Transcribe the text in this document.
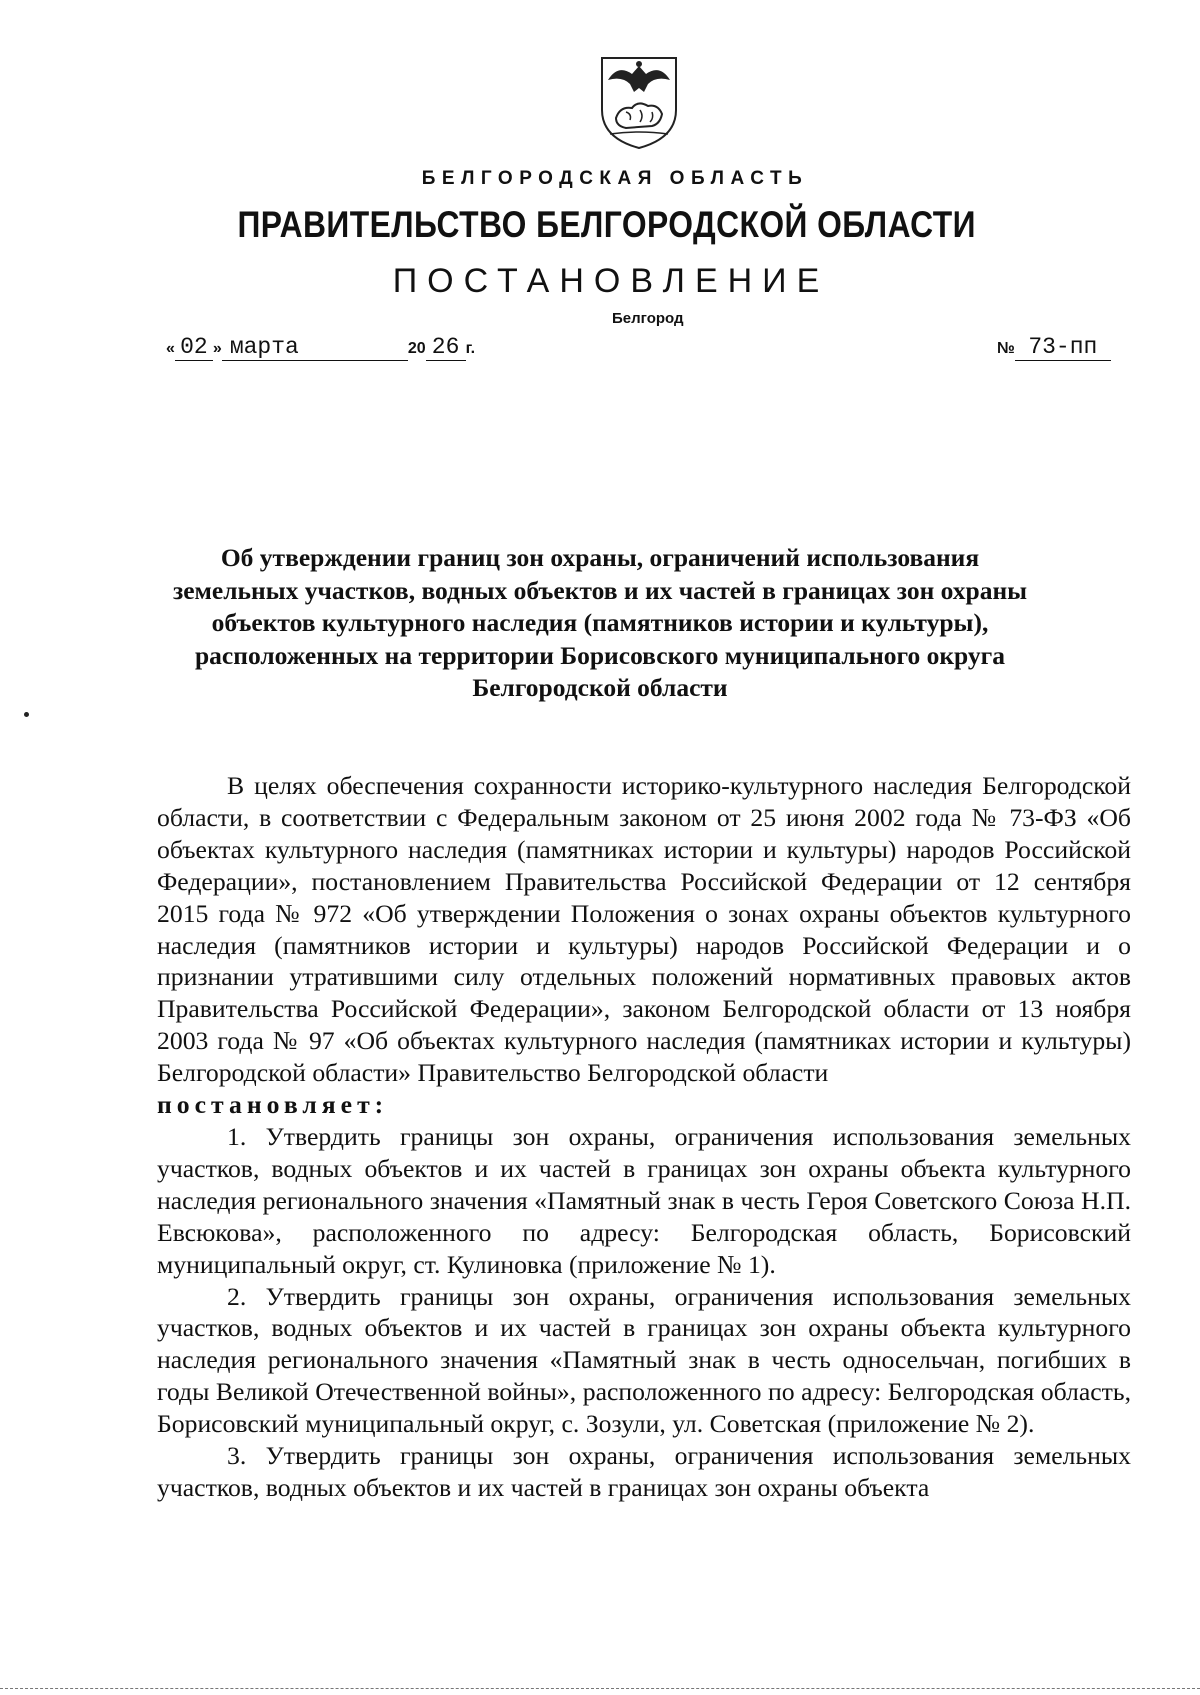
БЕЛГОРОДСКАЯ ОБЛАСТЬ
ПРАВИТЕЛЬСТВО БЕЛГОРОДСКОЙ ОБЛАСТИ
ПОСТАНОВЛЕНИЕ
Белгород
« 02 » марта	20 26 г.	№ 73-пп
Об утверждении границ зон охраны, ограничений использования
земельных участков, водных объектов и их частей в границах зон охраны
объектов культурного наследия (памятников истории и культуры),
расположенных на территории Борисовского муниципального округа
Белгородской области

В целях обеспечения сохранности историко-культурного наследия Белгородской области, в соответствии с Федеральным законом от 25 июня 2002 года № 73-ФЗ «Об объектах культурного наследия (памятниках истории и культуры) народов Российской Федерации», постановлением Правительства Российской Федерации от 12 сентября 2015 года № 972 «Об утверждении Положения о зонах охраны объектов культурного наследия (памятников истории и культуры) народов Российской Федерации и о признании утратившими силу отдельных положений нормативных правовых актов Правительства Российской Федерации», законом Белгородской области от 13 ноября 2003 года № 97 «Об объектах культурного наследия (памятниках истории и культуры) Белгородской области» Правительство Белгородской области

постановляет:

1. Утвердить границы зон охраны, ограничения использования земельных участков, водных объектов и их частей в границах зон охраны объекта культурного наследия регионального значения «Памятный знак в честь Героя Советского Союза Н.П. Евсюкова», расположенного по адресу: Белгородская область, Борисовский муниципальный округ, ст. Кулиновка (приложение № 1).

2. Утвердить границы зон охраны, ограничения использования земельных участков, водных объектов и их частей в границах зон охраны объекта культурного наследия регионального значения «Памятный знак в честь односельчан, погибших в годы Великой Отечественной войны», расположенного по адресу: Белгородская область, Борисовский муниципальный округ, с. Зозули, ул. Советская (приложение № 2).

3. Утвердить границы зон охраны, ограничения использования земельных участков, водных объектов и их частей в границах зон охраны объекта
